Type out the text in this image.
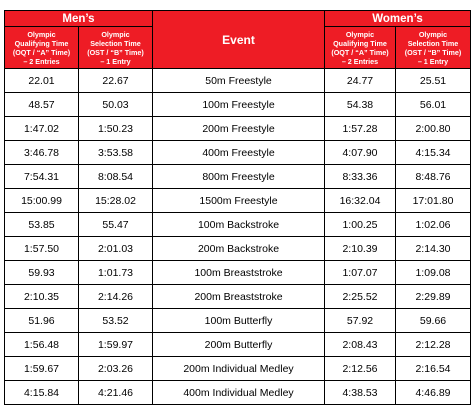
Men’s		Event	Women’s	

Olympic
Qualifying Time
(OQT / “A” Time)
– 2 Entries	Olympic
Selection Time
(OST / “B” Time)
– 1 Entry		Olympic
Qualifying Time
(OQT / “A” Time)
– 2 Entries	Olympic
Selection Time
(OST / “B” Time)
– 1 Entry

22.01	22.67	50m Freestyle	24.77	25.51
48.57	50.03	100m Freestyle	54.38	56.01
1:47.02	1:50.23	200m Freestyle	1:57.28	2:00.80
3:46.78	3:53.58	400m Freestyle	4:07.90	4:15.34
7:54.31	8:08.54	800m Freestyle	8:33.36	8:48.76
15:00.99	15:28.02	1500m Freestyle	16:32.04	17:01.80
53.85	55.47	100m Backstroke	1:00.25	1:02.06
1:57.50	2:01.03	200m Backstroke	2:10.39	2:14.30
59.93	1:01.73	100m Breaststroke	1:07.07	1:09.08
2:10.35	2:14.26	200m Breaststroke	2:25.52	2:29.89
51.96	53.52	100m Butterfly	57.92	59.66
1:56.48	1:59.97	200m Butterfly	2:08.43	2:12.28
1:59.67	2:03.26	200m Individual Medley	2:12.56	2:16.54
4:15.84	4:21.46	400m Individual Medley	4:38.53	4:46.89
